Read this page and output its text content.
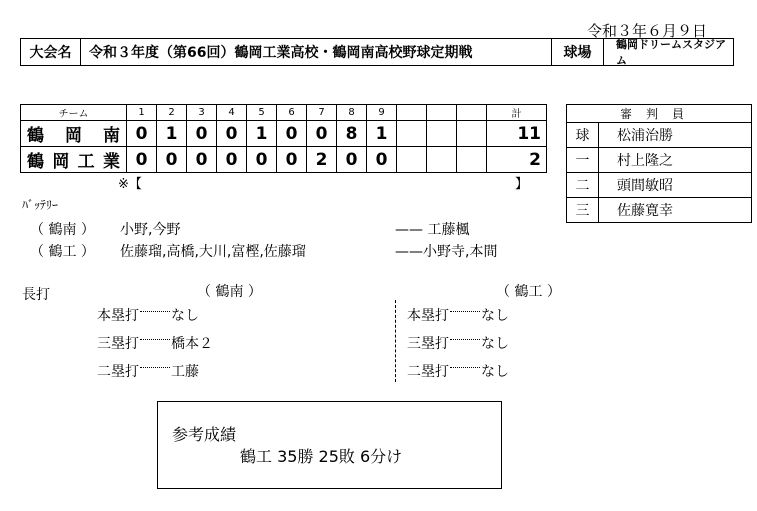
令和３年６月９日
大会名	令和３年度（第66回）鶴岡工業高校・鶴岡南高校野球定期戦	球場
鶴岡ドリームスタジアム
チーム	1	2	3	4	5	6	7	8	9				計
鶴岡南	0	1	0	0	1	0	0	8	1				11
鶴岡工業	0	0	0	0	0	0	2	0	0				2
※【	】
審判員	
球	松浦治勝
一	村上隆之
二	頭間敏昭
三	佐藤寛幸
ﾊﾞｯﾃﾘｰ
（ 鶴南 ） 小野,今野	—— 工藤楓
（ 鶴工 ） 佐藤瑠,高橋,大川,富樫,佐藤瑠	——小野寺,本間
長打	（ 鶴南 ）	（ 鶴工 ）
本塁打 なし
三塁打 橋本２
二塁打 工藤
本塁打 なし
三塁打 なし
二塁打 なし
参考成績
鶴工 35勝 25敗 6分け
